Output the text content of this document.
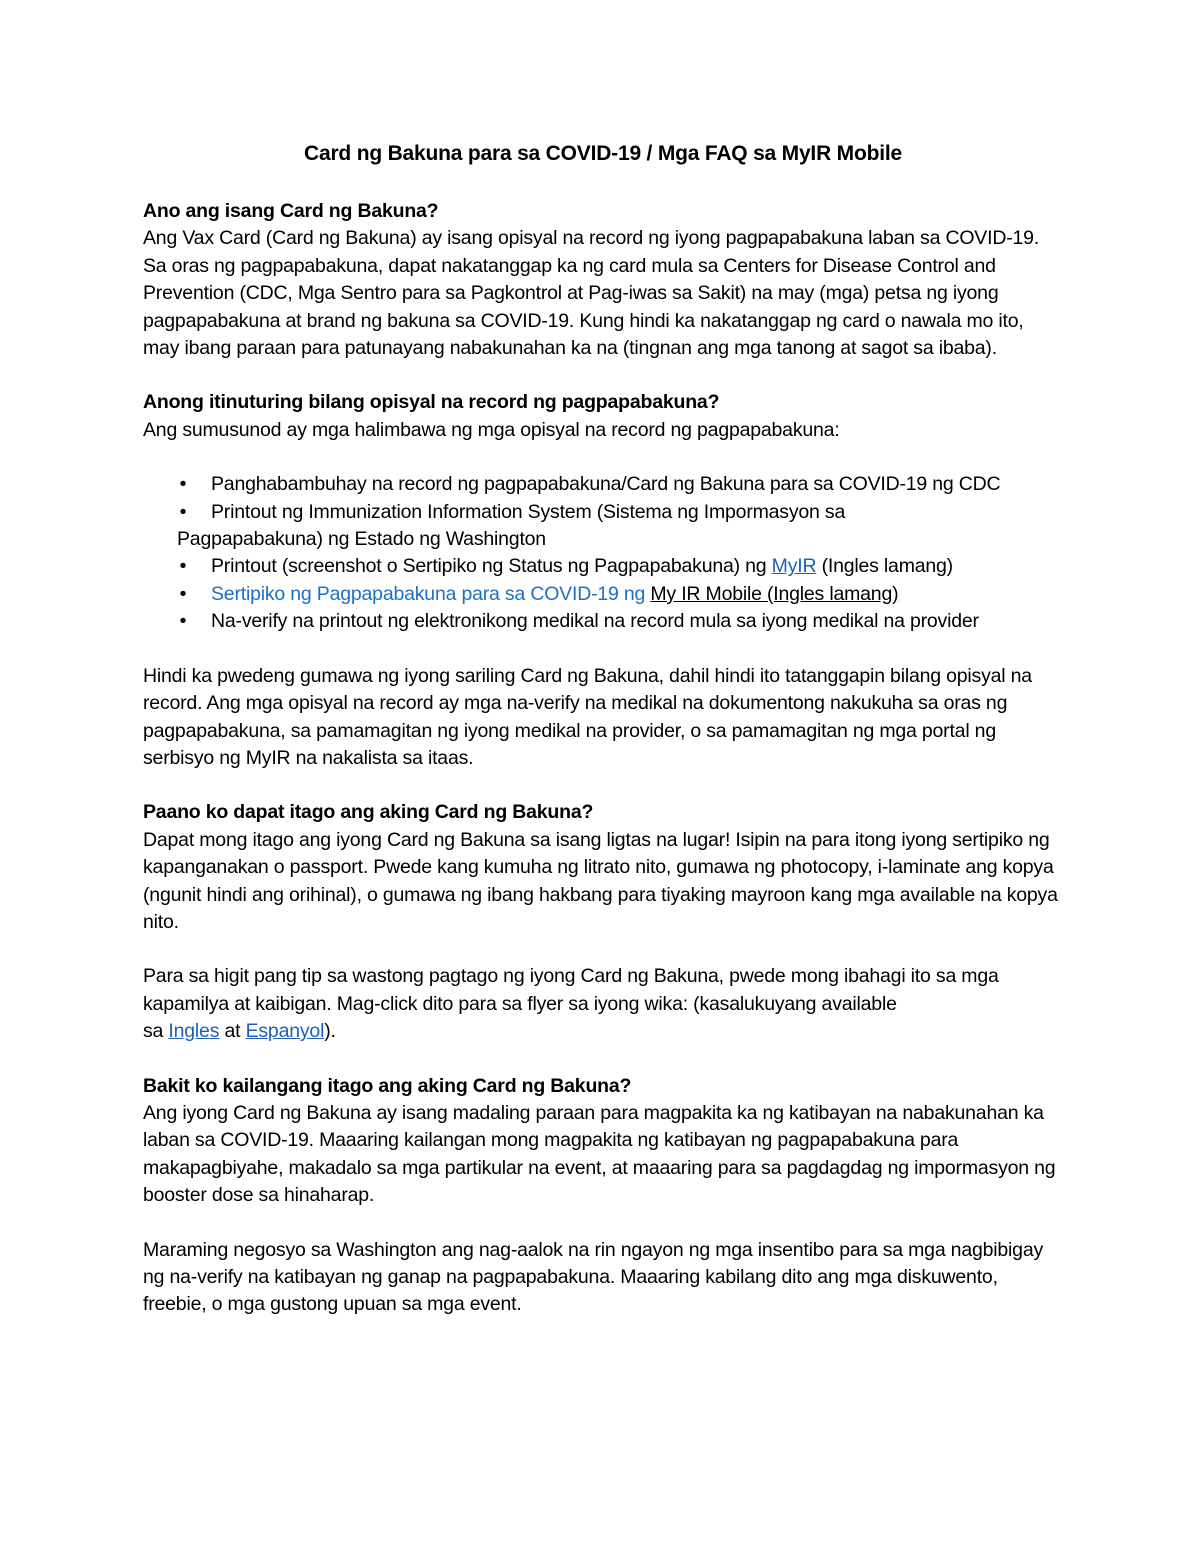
Card ng Bakuna para sa COVID-19 / Mga FAQ sa MyIR Mobile
Ano ang isang Card ng Bakuna?

Ang Vax Card (Card ng Bakuna) ay isang opisyal na record ng iyong pagpapabakuna laban sa COVID-19. Sa oras ng pagpapabakuna, dapat nakatanggap ka ng card mula sa Centers for Disease Control and Prevention (CDC, Mga Sentro para sa Pagkontrol at Pag-iwas sa Sakit) na may (mga) petsa ng iyong pagpapabakuna at brand ng bakuna sa COVID-19. Kung hindi ka nakatanggap ng card o nawala mo ito, may ibang paraan para patunayang nabakunahan ka na (tingnan ang mga tanong at sagot sa ibaba).

Anong itinuturing bilang opisyal na record ng pagpapabakuna?

Ang sumusunod ay mga halimbawa ng mga opisyal na record ng pagpapabakuna:

•	Panghabambuhay na record ng pagpapabakuna/Card ng Bakuna para sa COVID-19 ng CDC
•	Printout ng Immunization Information System (Sistema ng Impormasyon sa
Pagpapabakuna) ng Estado ng Washington
•	Printout (screenshot o Sertipiko ng Status ng Pagpapabakuna) ng MyIR (Ingles lamang)
•	Sertipiko ng Pagpapabakuna para sa COVID-19 ng My IR Mobile (Ingles lamang)
•	Na-verify na printout ng elektronikong medikal na record mula sa iyong medikal na provider

Hindi ka pwedeng gumawa ng iyong sariling Card ng Bakuna, dahil hindi ito tatanggapin bilang opisyal na record. Ang mga opisyal na record ay mga na-verify na medikal na dokumentong nakukuha sa oras ng pagpapabakuna, sa pamamagitan ng iyong medikal na provider, o sa pamamagitan ng mga portal ng serbisyo ng MyIR na nakalista sa itaas.

Paano ko dapat itago ang aking Card ng Bakuna?

Dapat mong itago ang iyong Card ng Bakuna sa isang ligtas na lugar! Isipin na para itong iyong sertipiko ng kapanganakan o passport. Pwede kang kumuha ng litrato nito, gumawa ng photocopy, i-laminate ang kopya (ngunit hindi ang orihinal), o gumawa ng ibang hakbang para tiyaking mayroon kang mga available na kopya nito.

Para sa higit pang tip sa wastong pagtago ng iyong Card ng Bakuna, pwede mong ibahagi ito sa mga kapamilya at kaibigan. Mag-click dito para sa flyer sa iyong wika: (kasalukuyang available
sa Ingles at Espanyol).

Bakit ko kailangang itago ang aking Card ng Bakuna?

Ang iyong Card ng Bakuna ay isang madaling paraan para magpakita ka ng katibayan na nabakunahan ka laban sa COVID-19. Maaaring kailangan mong magpakita ng katibayan ng pagpapabakuna para makapagbiyahe, makadalo sa mga partikular na event, at maaaring para sa pagdagdag ng impormasyon ng booster dose sa hinaharap.

Maraming negosyo sa Washington ang nag-aalok na rin ngayon ng mga insentibo para sa mga nagbibigay ng na-verify na katibayan ng ganap na pagpapabakuna. Maaaring kabilang dito ang mga diskuwento, freebie, o mga gustong upuan sa mga event.
